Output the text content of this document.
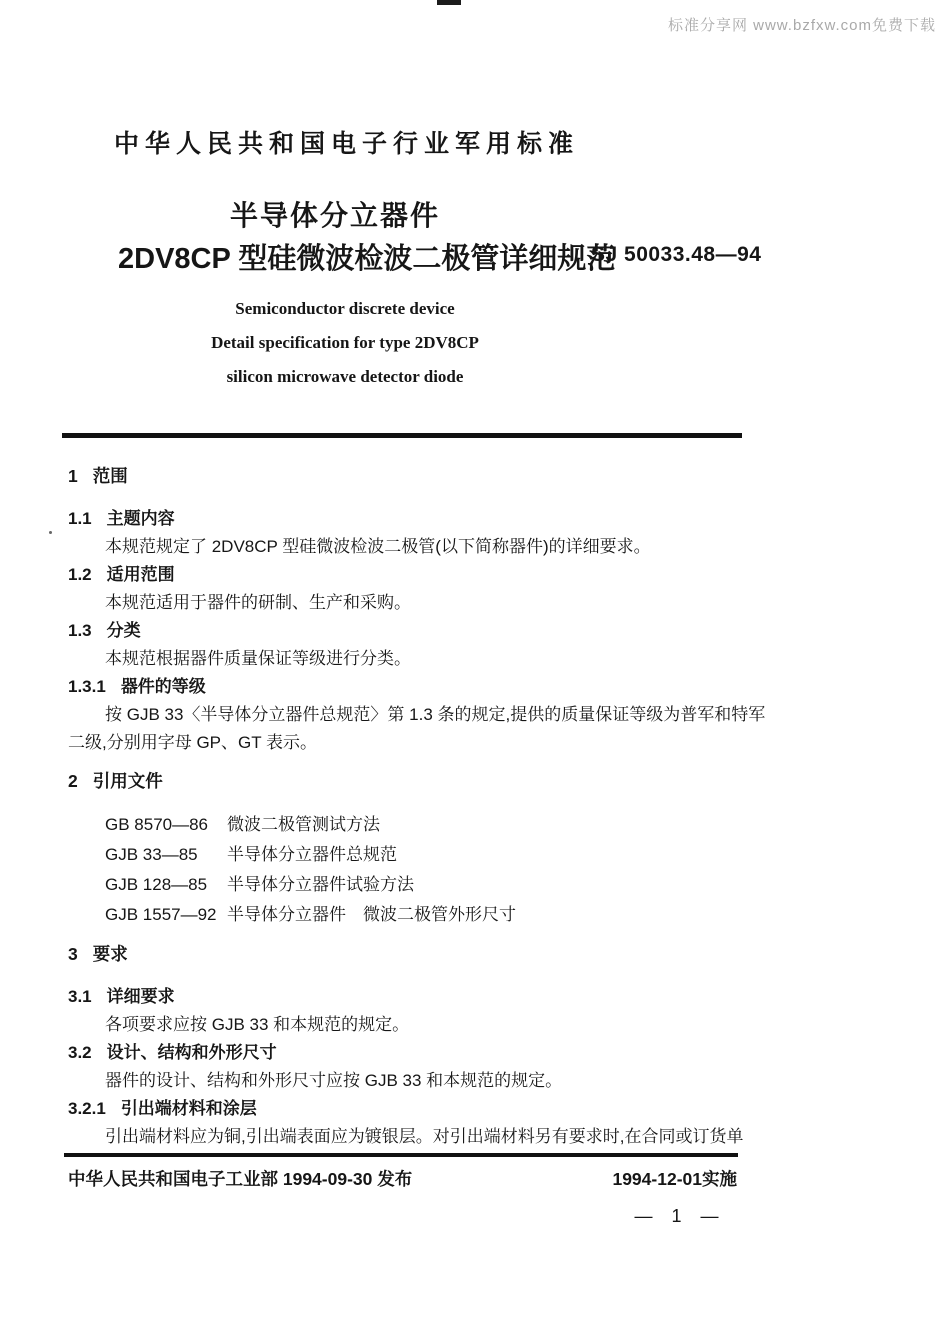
标准分享网 www.bzfxw.com免费下载
中华人民共和国电子行业军用标准
半导体分立器件
2DV8CP 型硅微波检波二极管详细规范
SJ 50033.48—94
Semiconductor discrete device
Detail specification for type 2DV8CP
silicon microwave detector diode
1 范围
1.1 主题内容
本规范规定了 2DV8CP 型硅微波检波二极管(以下简称器件)的详细要求。
1.2 适用范围
本规范适用于器件的研制、生产和采购。
1.3 分类
本规范根据器件质量保证等级进行分类。
1.3.1 器件的等级
按 GJB 33〈半导体分立器件总规范〉第 1.3 条的规定,提供的质量保证等级为普军和特军
二级,分别用字母 GP、GT 表示。
2 引用文件
GB 8570—86 微波二极管测试方法
GJB 33—85 半导体分立器件总规范
GJB 128—85 半导体分立器件试验方法
GJB 1557—92 半导体分立器件　微波二极管外形尺寸
3 要求
3.1 详细要求
各项要求应按 GJB 33 和本规范的规定。
3.2 设计、结构和外形尺寸
器件的设计、结构和外形尺寸应按 GJB 33 和本规范的规定。
3.2.1 引出端材料和涂层
引出端材料应为铜,引出端表面应为镀银层。对引出端材料另有要求时,在合同或订货单
中华人民共和国电子工业部 1994-09-30 发布	1994-12-01实施
— 1 —
